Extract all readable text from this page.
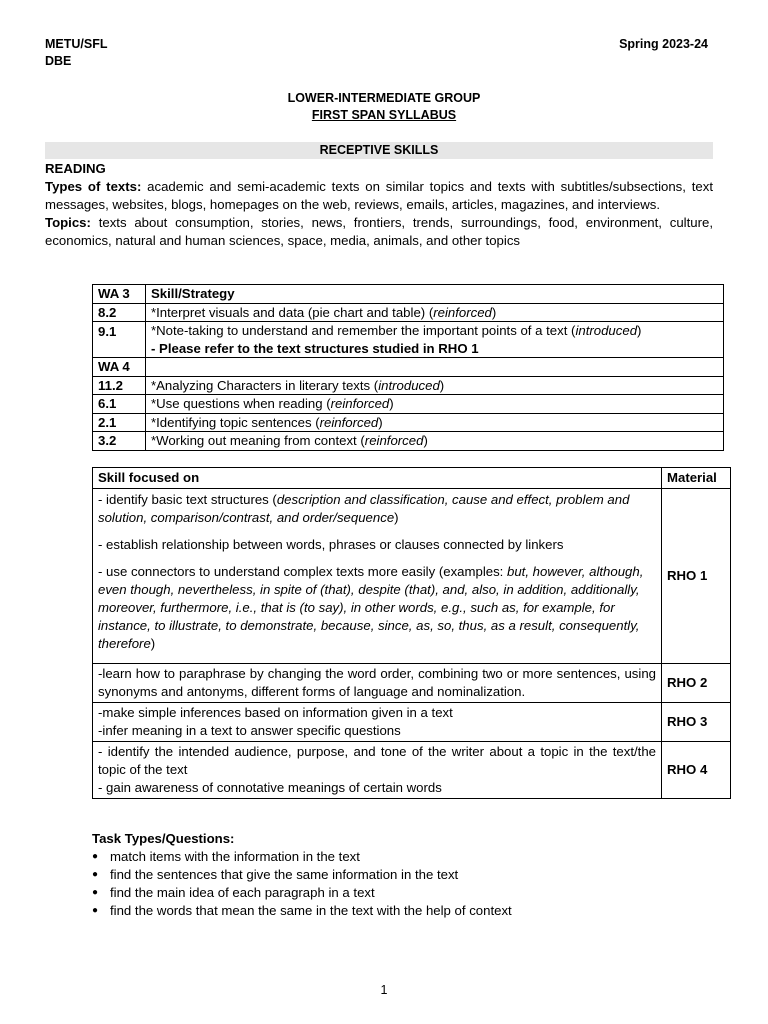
METU/SFL
DBE
Spring 2023-24
LOWER-INTERMEDIATE GROUP
FIRST SPAN SYLLABUS
RECEPTIVE SKILLS
READING
Types of texts: academic and semi-academic texts on similar topics and texts with subtitles/subsections, text messages, websites, blogs, homepages on the web, reviews, emails, articles, magazines, and interviews.
Topics: texts about consumption, stories, news, frontiers, trends, surroundings, food, environment, culture, economics, natural and human sciences, space, media, animals, and other topics
WA 3	Skill/Strategy
8.2	*Interpret visuals and data (pie chart and table) (reinforced)
9.1	*Note-taking to understand and remember the important points of a text (introduced)
- Please refer to the text structures studied in RHO 1

WA 4	
11.2	*Analyzing Characters in literary texts (introduced)
6.1	*Use questions when reading (reinforced)
2.1	*Identifying topic sentences (reinforced)
3.2	*Working out meaning from context (reinforced)
Skill focused on	Material

- identify basic text structures (description and classification, cause and effect, problem and solution, comparison/contrast, and order/sequence)

- establish relationship between words, phrases or clauses connected by linkers

- use connectors to understand complex texts more easily (examples: but, however, although, even though, nevertheless, in spite of (that), despite (that), and, also, in addition, additionally, moreover, furthermore, i.e., that is (to say), in other words, e.g., such as, for example, for instance, to illustrate, to demonstrate, because, since, as, so, thus, as a result, consequently, therefore)	RHO 1
-learn how to paraphrase by changing the word order, combining two or more sentences, using synonyms and antonyms, different forms of language and nominalization.	RHO 2

-make simple inferences based on information given in a text
-infer meaning in a text to answer specific questions	RHO 3

- identify the intended audience, purpose, and tone of the writer about a topic in the text/the topic of the text
- gain awareness of connotative meanings of certain words	RHO 4
Task Types/Questions:
● match items with the information in the text
● find the sentences that give the same information in the text
● find the main idea of each paragraph in a text
● find the words that mean the same in the text with the help of context
1
